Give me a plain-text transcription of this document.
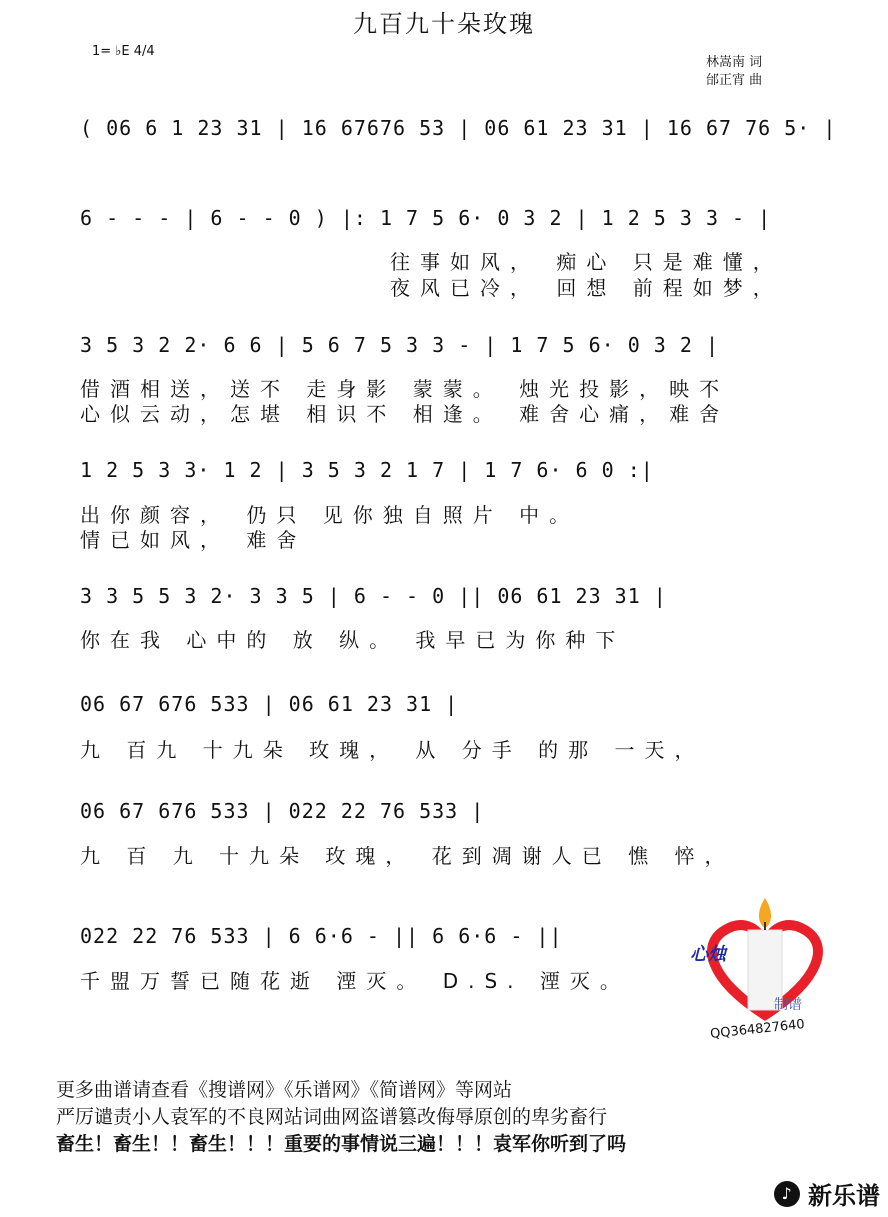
九百九十朵玫瑰
1= ♭E 4/4
林嵩南 词
邰正宵 曲
( 06 6 1 23 31 | 16 67676 53 | 06 61 23 31 | 16 67 76 5· |
6 - - - | 6 - - 0 ) |: 1 7 5 6· 0 3 2 | 1 2 5 3 3 - |
往事如风， 痴心 只是难懂，
夜风已冷， 回想 前程如梦，
3 5 3 2 2· 6 6 | 5 6 7 5 3 3 - | 1 7 5 6· 0 3 2 |
借酒相送，送不 走身影 蒙蒙。 烛光投影，映不
心似云动，怎堪 相识不 相逢。 难舍心痛，难舍
1 2 5 3 3· 1 2 | 3 5 3 2 1 7 | 1 7 6· 6 0 :|
出你颜容， 仍只 见你独自照片 中。
情已如风， 难舍
3 3 5 5 3 2· 3 3 5 | 6 - - 0 || 06 61 23 31 |
你在我 心中的 放 纵。 我早已为你种下
06 67 676 533 | 06 61 23 31 |
九 百九 十九朵 玫瑰， 从 分手 的那 一天，
06 67 676 533 | 022 22 76 533 |
九 百 九 十九朵 玫瑰， 花到凋谢人已 憔 悴，
022 22 76 533 | 6 6·6 - || 6 6·6 - ||
千盟万誓已随花逝 湮灭。 D.S. 湮灭。
心烛
制谱
QQ364827640
更多曲谱请查看《搜谱网》《乐谱网》《简谱网》等网站
严厉谴责小人袁军的不良网站词曲网盗谱篡改侮辱原创的卑劣畜行
畜生！畜生！！畜生！！！重要的事情说三遍！！！袁军你听到了吗
♪ 新乐谱
